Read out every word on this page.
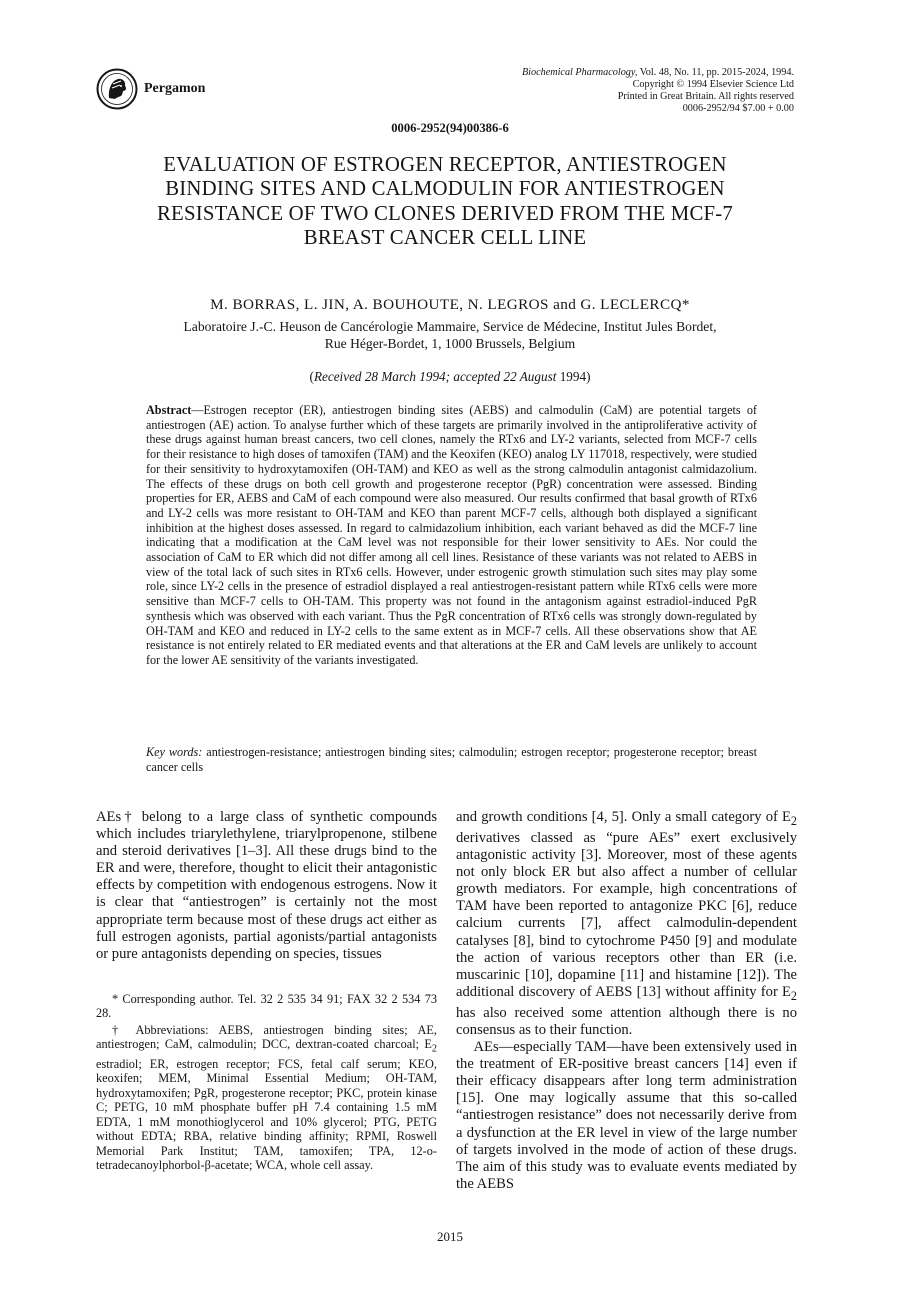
Pergamon
Biochemical Pharmacology, Vol. 48, No. 11, pp. 2015-2024, 1994.
Copyright © 1994 Elsevier Science Ltd
Printed in Great Britain. All rights reserved
0006-2952/94 $7.00 + 0.00
0006-2952(94)00386-6
EVALUATION OF ESTROGEN RECEPTOR, ANTIESTROGEN BINDING SITES AND CALMODULIN FOR ANTIESTROGEN RESISTANCE OF TWO CLONES DERIVED FROM THE MCF-7 BREAST CANCER CELL LINE
M. BORRAS, L. JIN, A. BOUHOUTE, N. LEGROS and G. LECLERCQ*
Laboratoire J.-C. Heuson de Cancérologie Mammaire, Service de Médecine, Institut Jules Bordet,
Rue Héger-Bordet, 1, 1000 Brussels, Belgium
(Received 28 March 1994; accepted 22 August 1994)
Abstract—Estrogen receptor (ER), antiestrogen binding sites (AEBS) and calmodulin (CaM) are potential targets of antiestrogen (AE) action. To analyse further which of these targets are primarily involved in the antiproliferative activity of these drugs against human breast cancers, two cell clones, namely the RTx6 and LY-2 variants, selected from MCF-7 cells for their resistance to high doses of tamoxifen (TAM) and the Keoxifen (KEO) analog LY 117018, respectively, were studied for their sensitivity to hydroxytamoxifen (OH-TAM) and KEO as well as the strong calmodulin antagonist calmidazolium. The effects of these drugs on both cell growth and progesterone receptor (PgR) concentration were assessed. Binding properties for ER, AEBS and CaM of each compound were also measured. Our results confirmed that basal growth of RTx6 and LY-2 cells was more resistant to OH-TAM and KEO than parent MCF-7 cells, although both displayed a significant inhibition at the highest doses assessed. In regard to calmidazolium inhibition, each variant behaved as did the MCF-7 line indicating that a modification at the CaM level was not responsible for their lower sensitivity to AEs. Nor could the association of CaM to ER which did not differ among all cell lines. Resistance of these variants was not related to AEBS in view of the total lack of such sites in RTx6 cells. However, under estrogenic growth stimulation such sites may play some role, since LY-2 cells in the presence of estradiol displayed a real antiestrogen-resistant pattern while RTx6 cells were more sensitive than MCF-7 cells to OH-TAM. This property was not found in the antagonism against estradiol-induced PgR synthesis which was observed with each variant. Thus the PgR concentration of RTx6 cells was strongly down-regulated by OH-TAM and KEO and reduced in LY-2 cells to the same extent as in MCF-7 cells. All these observations show that AE resistance is not entirely related to ER mediated events and that alterations at the ER and CaM levels are unlikely to account for the lower AE sensitivity of the variants investigated.
Key words: antiestrogen-resistance; antiestrogen binding sites; calmodulin; estrogen receptor; progesterone receptor; breast cancer cells

AEs† belong to a large class of synthetic compounds which includes triarylethylene, triarylpropenone, stilbene and steroid derivatives [1–3]. All these drugs bind to the ER and were, therefore, thought to elicit their antagonistic effects by competition with endogenous estrogens. Now it is clear that “antiestrogen” is certainly not the most appropriate term because most of these drugs act either as full estrogen agonists, partial agonists/partial antagonists or pure antagonists depending on species, tissues

* Corresponding author. Tel. 32 2 535 34 91; FAX 32 2 534 73 28.

† Abbreviations: AEBS, antiestrogen binding sites; AE, antiestrogen; CaM, calmodulin; DCC, dextran-coated charcoal; $E_2$ estradiol; ER, estrogen receptor; FCS, fetal calf serum; KEO, keoxifen; MEM, Minimal Essential Medium; OH-TAM, hydroxytamoxifen; PgR, progesterone receptor; PKC, protein kinase C; PETG, 10 mM phosphate buffer pH 7.4 containing 1.5 mM EDTA, 1 mM monothioglycerol and 10% glycerol; PTG, PETG without EDTA; RBA, relative binding affinity; RPMI, Roswell Memorial Park Institut; TAM, tamoxifen; TPA, 12-o-tetradecanoylphorbol-β-acetate; WCA, whole cell assay.

and growth conditions [4, 5]. Only a small category of $E_2$ derivatives classed as “pure AEs” exert exclusively antagonistic activity [3]. Moreover, most of these agents not only block ER but also affect a number of cellular growth mediators. For example, high concentrations of TAM have been reported to antagonize PKC [6], reduce calcium currents [7], affect calmodulin-dependent catalyses [8], bind to cytochrome P450 [9] and modulate the action of various receptors other than ER (i.e. muscarinic [10], dopamine [11] and histamine [12]). The additional discovery of AEBS [13] without affinity for $E_2$ has also received some attention although there is no consensus as to their function.

AEs—especially TAM—have been extensively used in the treatment of ER-positive breast cancers [14] even if their efficacy disappears after long term administration [15]. One may logically assume that this so-called “antiestrogen resistance” does not necessarily derive from a dysfunction at the ER level in view of the large number of targets involved in the mode of action of these drugs. The aim of this study was to evaluate events mediated by the AEBS

2015
